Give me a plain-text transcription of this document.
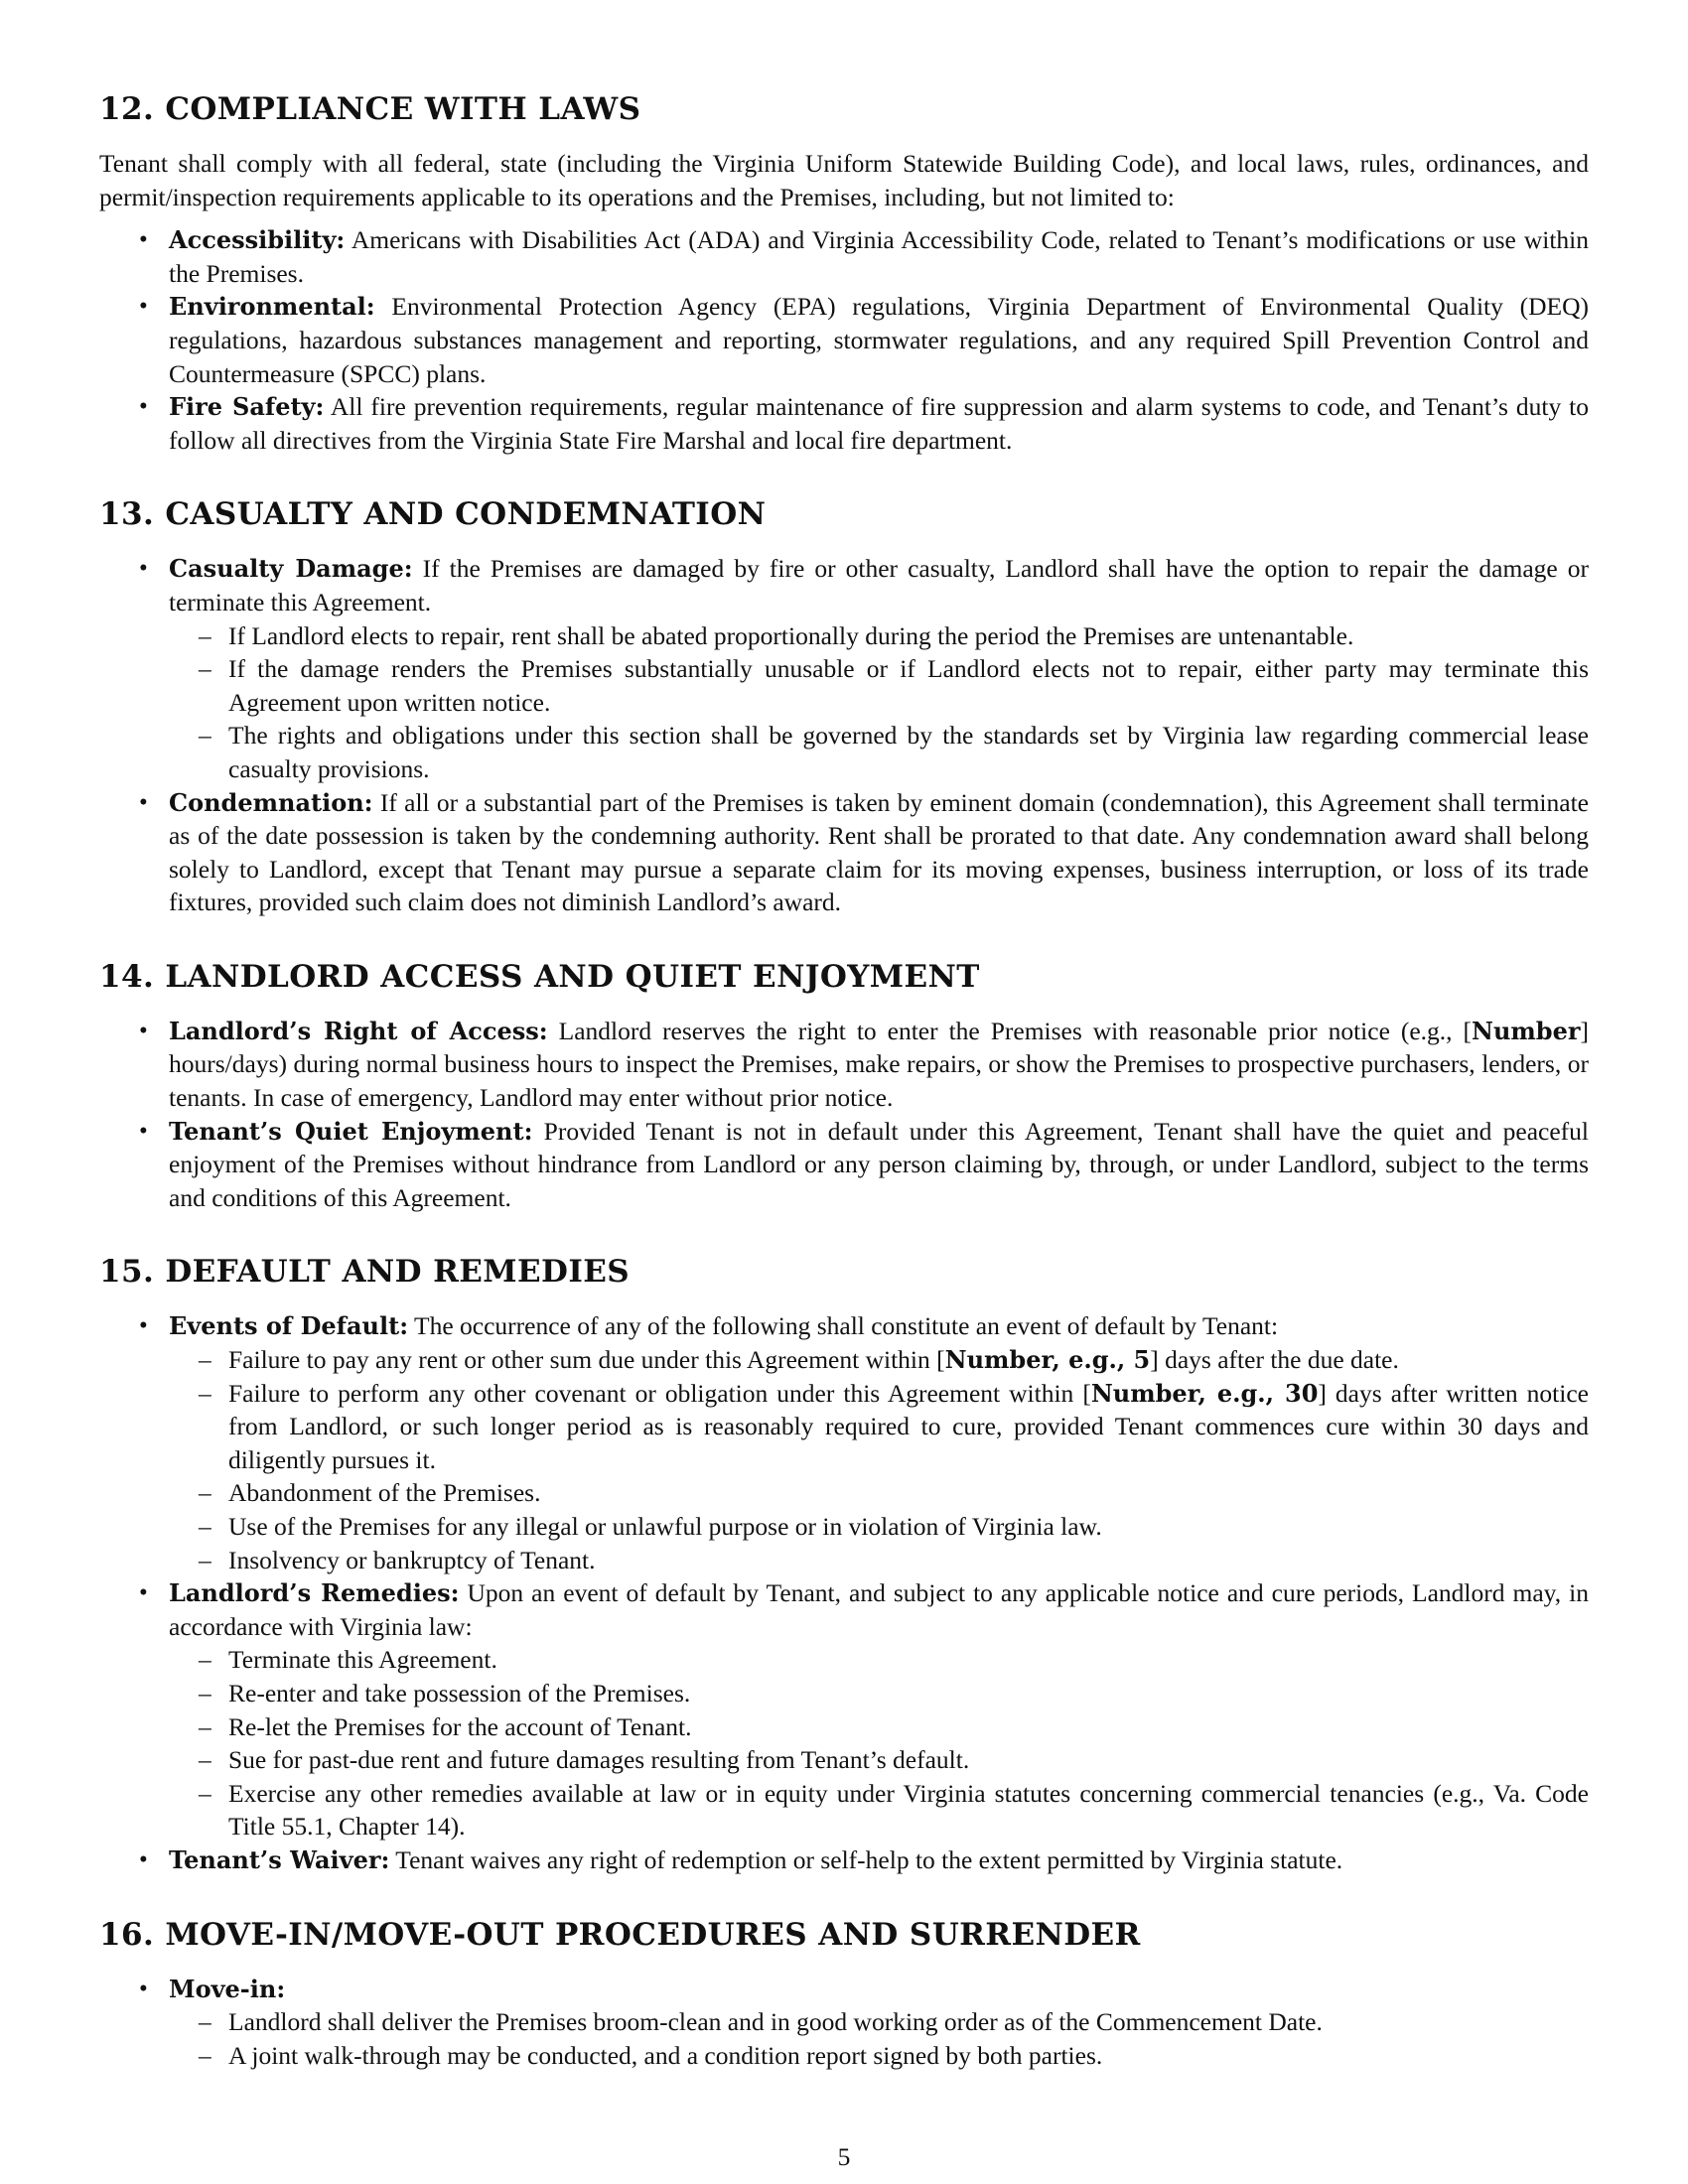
12. COMPLIANCE WITH LAWS

Tenant shall comply with all federal, state (including the Virginia Uniform Statewide Building Code), and local laws, rules, ordinances, and permit/inspection requirements applicable to its operations and the Premises, including, but not limited to:

• Accessibility: Americans with Disabilities Act (ADA) and Virginia Accessibility Code, related to Tenant’s modifications or use within the Premises.
• Environmental: Environmental Protection Agency (EPA) regulations, Virginia Department of Environmental Quality (DEQ) regulations, hazardous substances management and reporting, stormwater regulations, and any required Spill Prevention Control and Countermeasure (SPCC) plans.
• Fire Safety: All fire prevention requirements, regular maintenance of fire suppression and alarm systems to code, and Tenant’s duty to follow all directives from the Virginia State Fire Marshal and local fire department.
13. CASUALTY AND CONDEMNATION
• Casualty Damage: If the Premises are damaged by fire or other casualty, Landlord shall have the option to repair the damage or terminate this Agreement.
– If Landlord elects to repair, rent shall be abated proportionally during the period the Premises are untenantable.
– If the damage renders the Premises substantially unusable or if Landlord elects not to repair, either party may terminate this Agreement upon written notice.
– The rights and obligations under this section shall be governed by the standards set by Virginia law regarding commercial lease casualty provisions.
• Condemnation: If all or a substantial part of the Premises is taken by eminent domain (condemnation), this Agreement shall terminate as of the date possession is taken by the condemning authority. Rent shall be prorated to that date. Any condemnation award shall belong solely to Landlord, except that Tenant may pursue a separate claim for its moving expenses, business interruption, or loss of its trade fixtures, provided such claim does not diminish Landlord’s award.
14. LANDLORD ACCESS AND QUIET ENJOYMENT
• Landlord’s Right of Access: Landlord reserves the right to enter the Premises with reasonable prior notice (e.g., [Number] hours/days) during normal business hours to inspect the Premises, make repairs, or show the Premises to prospective purchasers, lenders, or tenants. In case of emergency, Landlord may enter without prior notice.
• Tenant’s Quiet Enjoyment: Provided Tenant is not in default under this Agreement, Tenant shall have the quiet and peaceful enjoyment of the Premises without hindrance from Landlord or any person claiming by, through, or under Landlord, subject to the terms and conditions of this Agreement.
15. DEFAULT AND REMEDIES
• Events of Default: The occurrence of any of the following shall constitute an event of default by Tenant:
– Failure to pay any rent or other sum due under this Agreement within [Number, e.g., 5] days after the due date.
– Failure to perform any other covenant or obligation under this Agreement within [Number, e.g., 30] days after written notice from Landlord, or such longer period as is reasonably required to cure, provided Tenant commences cure within 30 days and diligently pursues it.
– Abandonment of the Premises.
– Use of the Premises for any illegal or unlawful purpose or in violation of Virginia law.
– Insolvency or bankruptcy of Tenant.
• Landlord’s Remedies: Upon an event of default by Tenant, and subject to any applicable notice and cure periods, Landlord may, in accordance with Virginia law:
– Terminate this Agreement.
– Re-enter and take possession of the Premises.
– Re-let the Premises for the account of Tenant.
– Sue for past-due rent and future damages resulting from Tenant’s default.
– Exercise any other remedies available at law or in equity under Virginia statutes concerning commercial tenancies (e.g., Va. Code Title 55.1, Chapter 14).
• Tenant’s Waiver: Tenant waives any right of redemption or self-help to the extent permitted by Virginia statute.
16. MOVE-IN/MOVE-OUT PROCEDURES AND SURRENDER
• Move-in:
– Landlord shall deliver the Premises broom-clean and in good working order as of the Commencement Date.
– A joint walk-through may be conducted, and a condition report signed by both parties.
5
